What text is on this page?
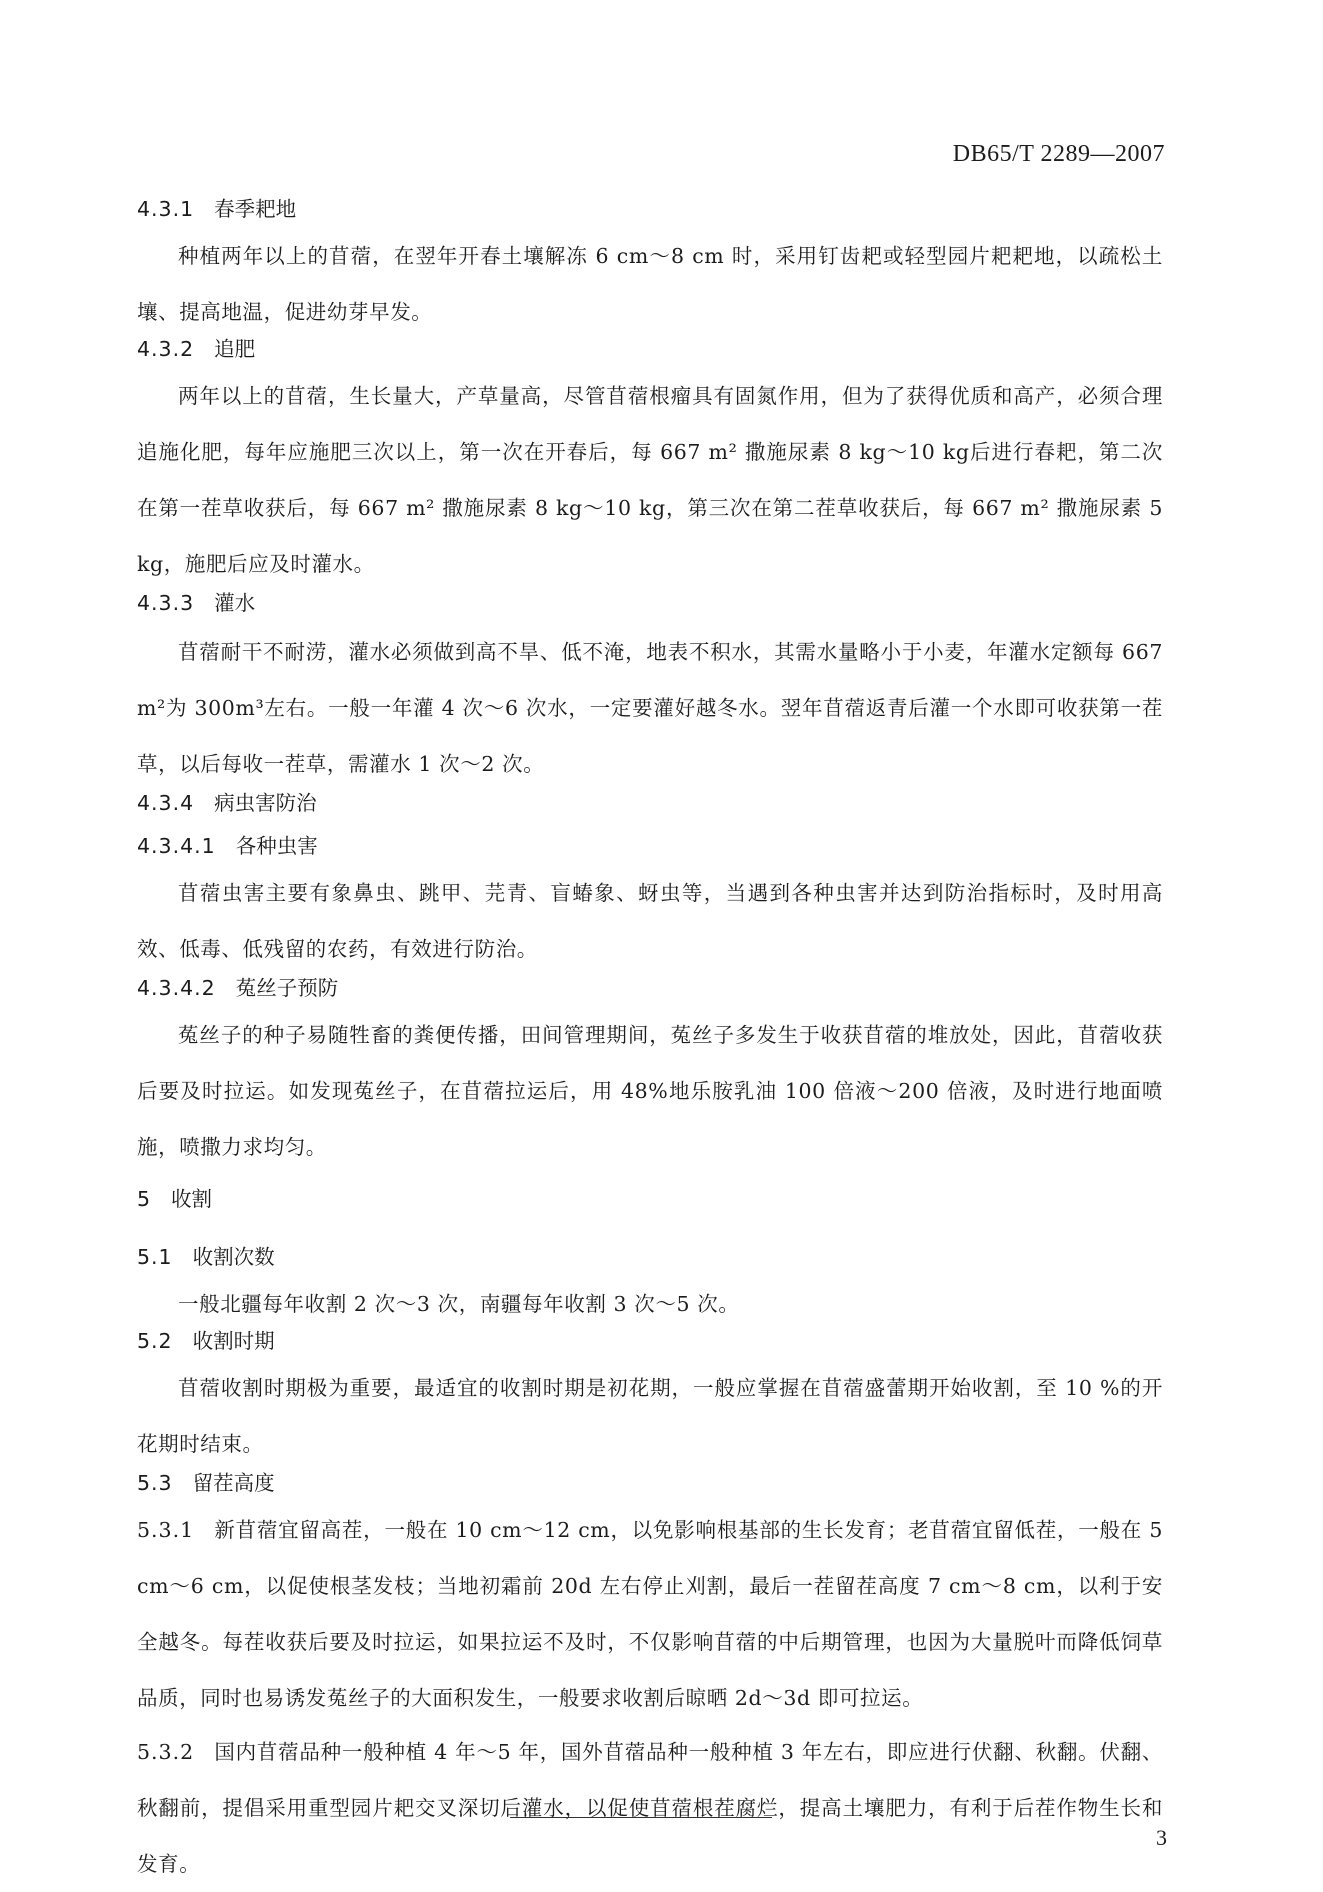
DB65/T 2289—2007
4.3.1 春季耙地

种植两年以上的苜蓿，在翌年开春土壤解冻 6 cm～8 cm 时，采用钉齿耙或轻型园片耙耙地，以疏松土壤、提高地温，促进幼芽早发。

4.3.2 追肥

两年以上的苜蓿，生长量大，产草量高，尽管苜蓿根瘤具有固氮作用，但为了获得优质和高产，必须合理追施化肥，每年应施肥三次以上，第一次在开春后，每 667 m² 撒施尿素 8 kg～10 kg后进行春耙，第二次在第一茬草收获后，每 667 m² 撒施尿素 8 kg～10 kg，第三次在第二茬草收获后，每 667 m² 撒施尿素 5 kg，施肥后应及时灌水。

4.3.3 灌水

苜蓿耐干不耐涝，灌水必须做到高不旱、低不淹，地表不积水，其需水量略小于小麦，年灌水定额每 667 m²为 300m³左右。一般一年灌 4 次～6 次水，一定要灌好越冬水。翌年苜蓿返青后灌一个水即可收获第一茬草，以后每收一茬草，需灌水 1 次～2 次。

4.3.4 病虫害防治
4.3.4.1 各种虫害

苜蓿虫害主要有象鼻虫、跳甲、芫青、盲蝽象、蚜虫等，当遇到各种虫害并达到防治指标时，及时用高效、低毒、低残留的农药，有效进行防治。

4.3.4.2 菟丝子预防

菟丝子的种子易随牲畜的粪便传播，田间管理期间，菟丝子多发生于收获苜蓿的堆放处，因此，苜蓿收获后要及时拉运。如发现菟丝子，在苜蓿拉运后，用 48%地乐胺乳油 100 倍液～200 倍液，及时进行地面喷施，喷撒力求均匀。

5 收割
5.1 收割次数

一般北疆每年收割 2 次～3 次，南疆每年收割 3 次～5 次。

5.2 收割时期

苜蓿收割时期极为重要，最适宜的收割时期是初花期，一般应掌握在苜蓿盛蕾期开始收割，至 10 %的开花期时结束。

5.3 留茬高度

5.3.1 新苜蓿宜留高茬，一般在 10 cm～12 cm，以免影响根基部的生长发育；老苜蓿宜留低茬，一般在 5 cm～6 cm，以促使根茎发枝；当地初霜前 20d 左右停止刈割，最后一茬留茬高度 7 cm～8 cm，以利于安全越冬。每茬收获后要及时拉运，如果拉运不及时，不仅影响苜蓿的中后期管理，也因为大量脱叶而降低饲草品质，同时也易诱发菟丝子的大面积发生，一般要求收割后晾晒 2d～3d 即可拉运。

5.3.2 国内苜蓿品种一般种植 4 年～5 年，国外苜蓿品种一般种植 3 年左右，即应进行伏翻、秋翻。伏翻、秋翻前，提倡采用重型园片耙交叉深切后灌水，以促使苜蓿根茬腐烂，提高土壤肥力，有利于后茬作物生长和发育。

3
